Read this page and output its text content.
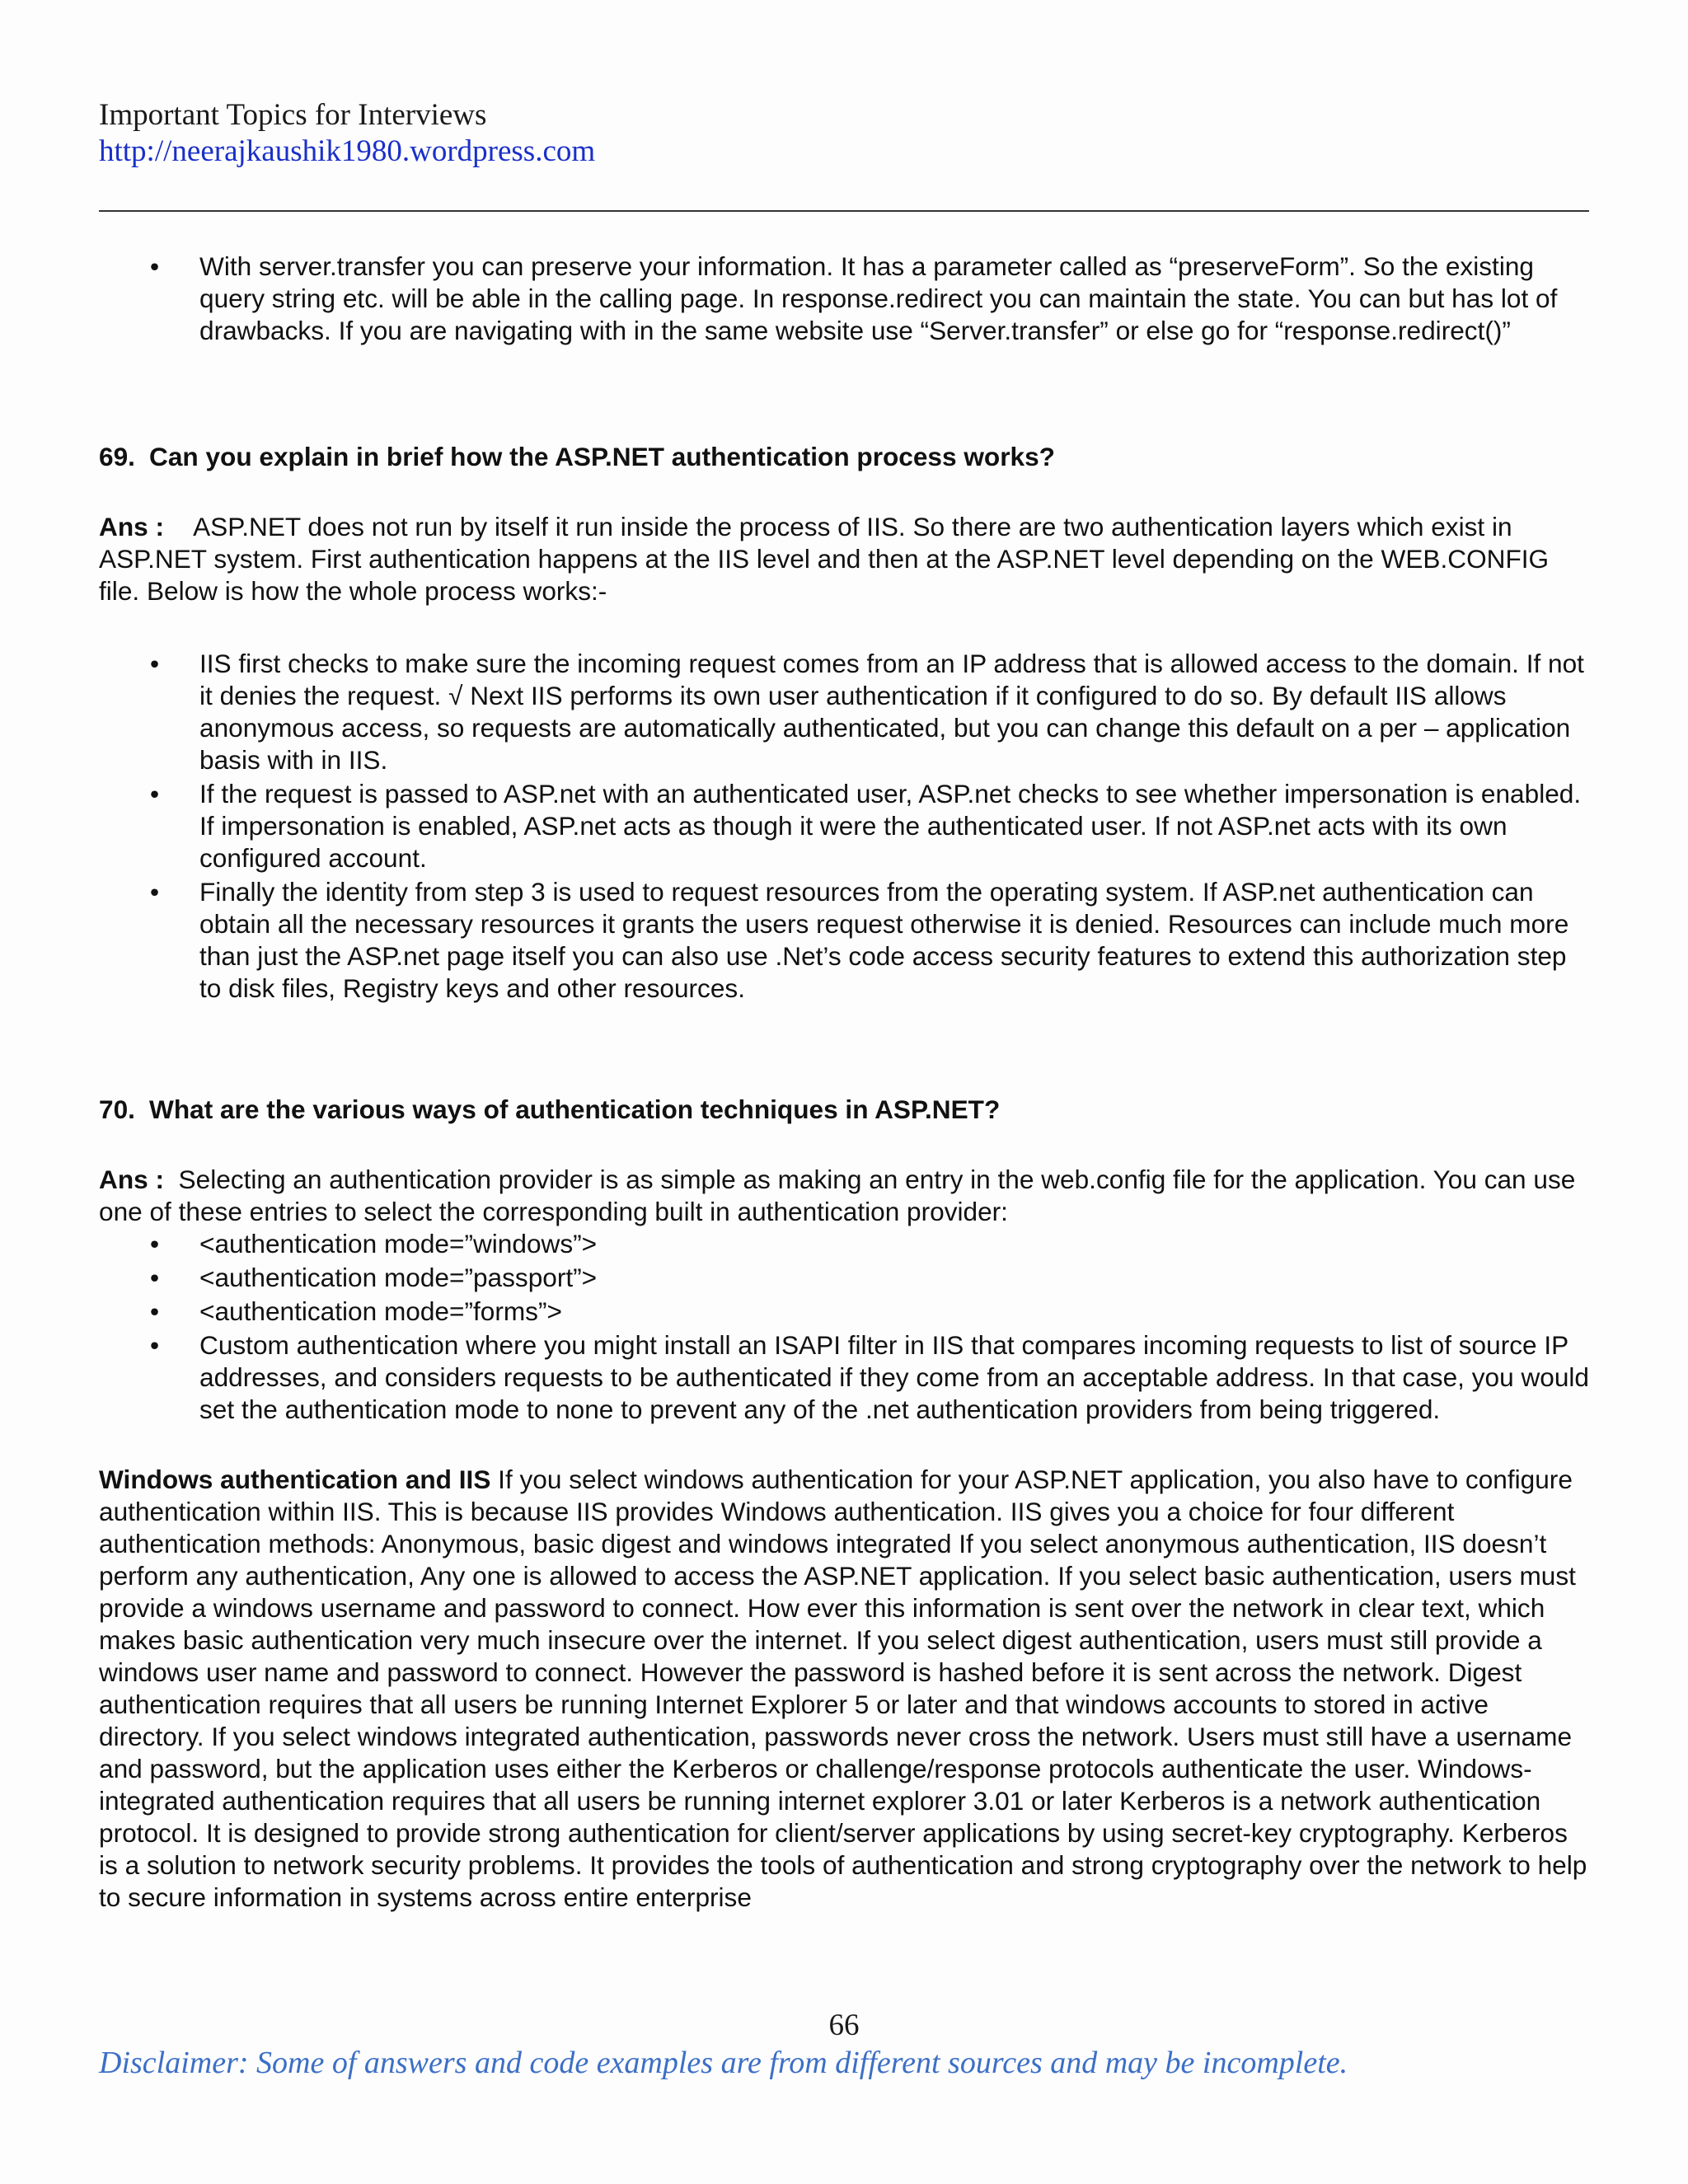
Important Topics for Interviews
http://neerajkaushik1980.wordpress.com
• With server.transfer you can preserve your information. It has a parameter called as “preserveForm”. So the existing query string etc. will be able in the calling page. In response.redirect you can maintain the state. You can but has lot of drawbacks. If you are navigating with in the same website use “Server.transfer” or else go for “response.redirect()”

69. Can you explain in brief how the ASP.NET authentication process works?

Ans : ASP.NET does not run by itself it run inside the process of IIS. So there are two authentication layers which exist in ASP.NET system. First authentication happens at the IIS level and then at the ASP.NET level depending on the WEB.CONFIG file. Below is how the whole process works:-

• IIS first checks to make sure the incoming request comes from an IP address that is allowed access to the domain. If not it denies the request. √ Next IIS performs its own user authentication if it configured to do so. By default IIS allows anonymous access, so requests are automatically authenticated, but you can change this default on a per – application basis with in IIS.
• If the request is passed to ASP.net with an authenticated user, ASP.net checks to see whether impersonation is enabled. If impersonation is enabled, ASP.net acts as though it were the authenticated user. If not ASP.net acts with its own configured account.
• Finally the identity from step 3 is used to request resources from the operating system. If ASP.net authentication can obtain all the necessary resources it grants the users request otherwise it is denied. Resources can include much more than just the ASP.net page itself you can also use .Net’s code access security features to extend this authorization step to disk files, Registry keys and other resources.

70. What are the various ways of authentication techniques in ASP.NET?

Ans : Selecting an authentication provider is as simple as making an entry in the web.config file for the application. You can use one of these entries to select the corresponding built in authentication provider:

• <authentication mode=”windows”>
• <authentication mode=”passport”>
• <authentication mode=”forms”>
• Custom authentication where you might install an ISAPI filter in IIS that compares incoming requests to list of source IP addresses, and considers requests to be authenticated if they come from an acceptable address. In that case, you would set the authentication mode to none to prevent any of the .net authentication providers from being triggered.

Windows authentication and IIS If you select windows authentication for your ASP.NET application, you also have to configure authentication within IIS. This is because IIS provides Windows authentication. IIS gives you a choice for four different authentication methods: Anonymous, basic digest and windows integrated If you select anonymous authentication, IIS doesn’t perform any authentication, Any one is allowed to access the ASP.NET application. If you select basic authentication, users must provide a windows username and password to connect. How ever this information is sent over the network in clear text, which makes basic authentication very much insecure over the internet. If you select digest authentication, users must still provide a windows user name and password to connect. However the password is hashed before it is sent across the network. Digest authentication requires that all users be running Internet Explorer 5 or later and that windows accounts to stored in active directory. If you select windows integrated authentication, passwords never cross the network. Users must still have a username and password, but the application uses either the Kerberos or challenge/response protocols authenticate the user. Windows-integrated authentication requires that all users be running internet explorer 3.01 or later Kerberos is a network authentication protocol. It is designed to provide strong authentication for client/server applications by using secret-key cryptography. Kerberos is a solution to network security problems. It provides the tools of authentication and strong cryptography over the network to help to secure information in systems across entire enterprise

66
Disclaimer: Some of answers and code examples are from different sources and may be incomplete.
